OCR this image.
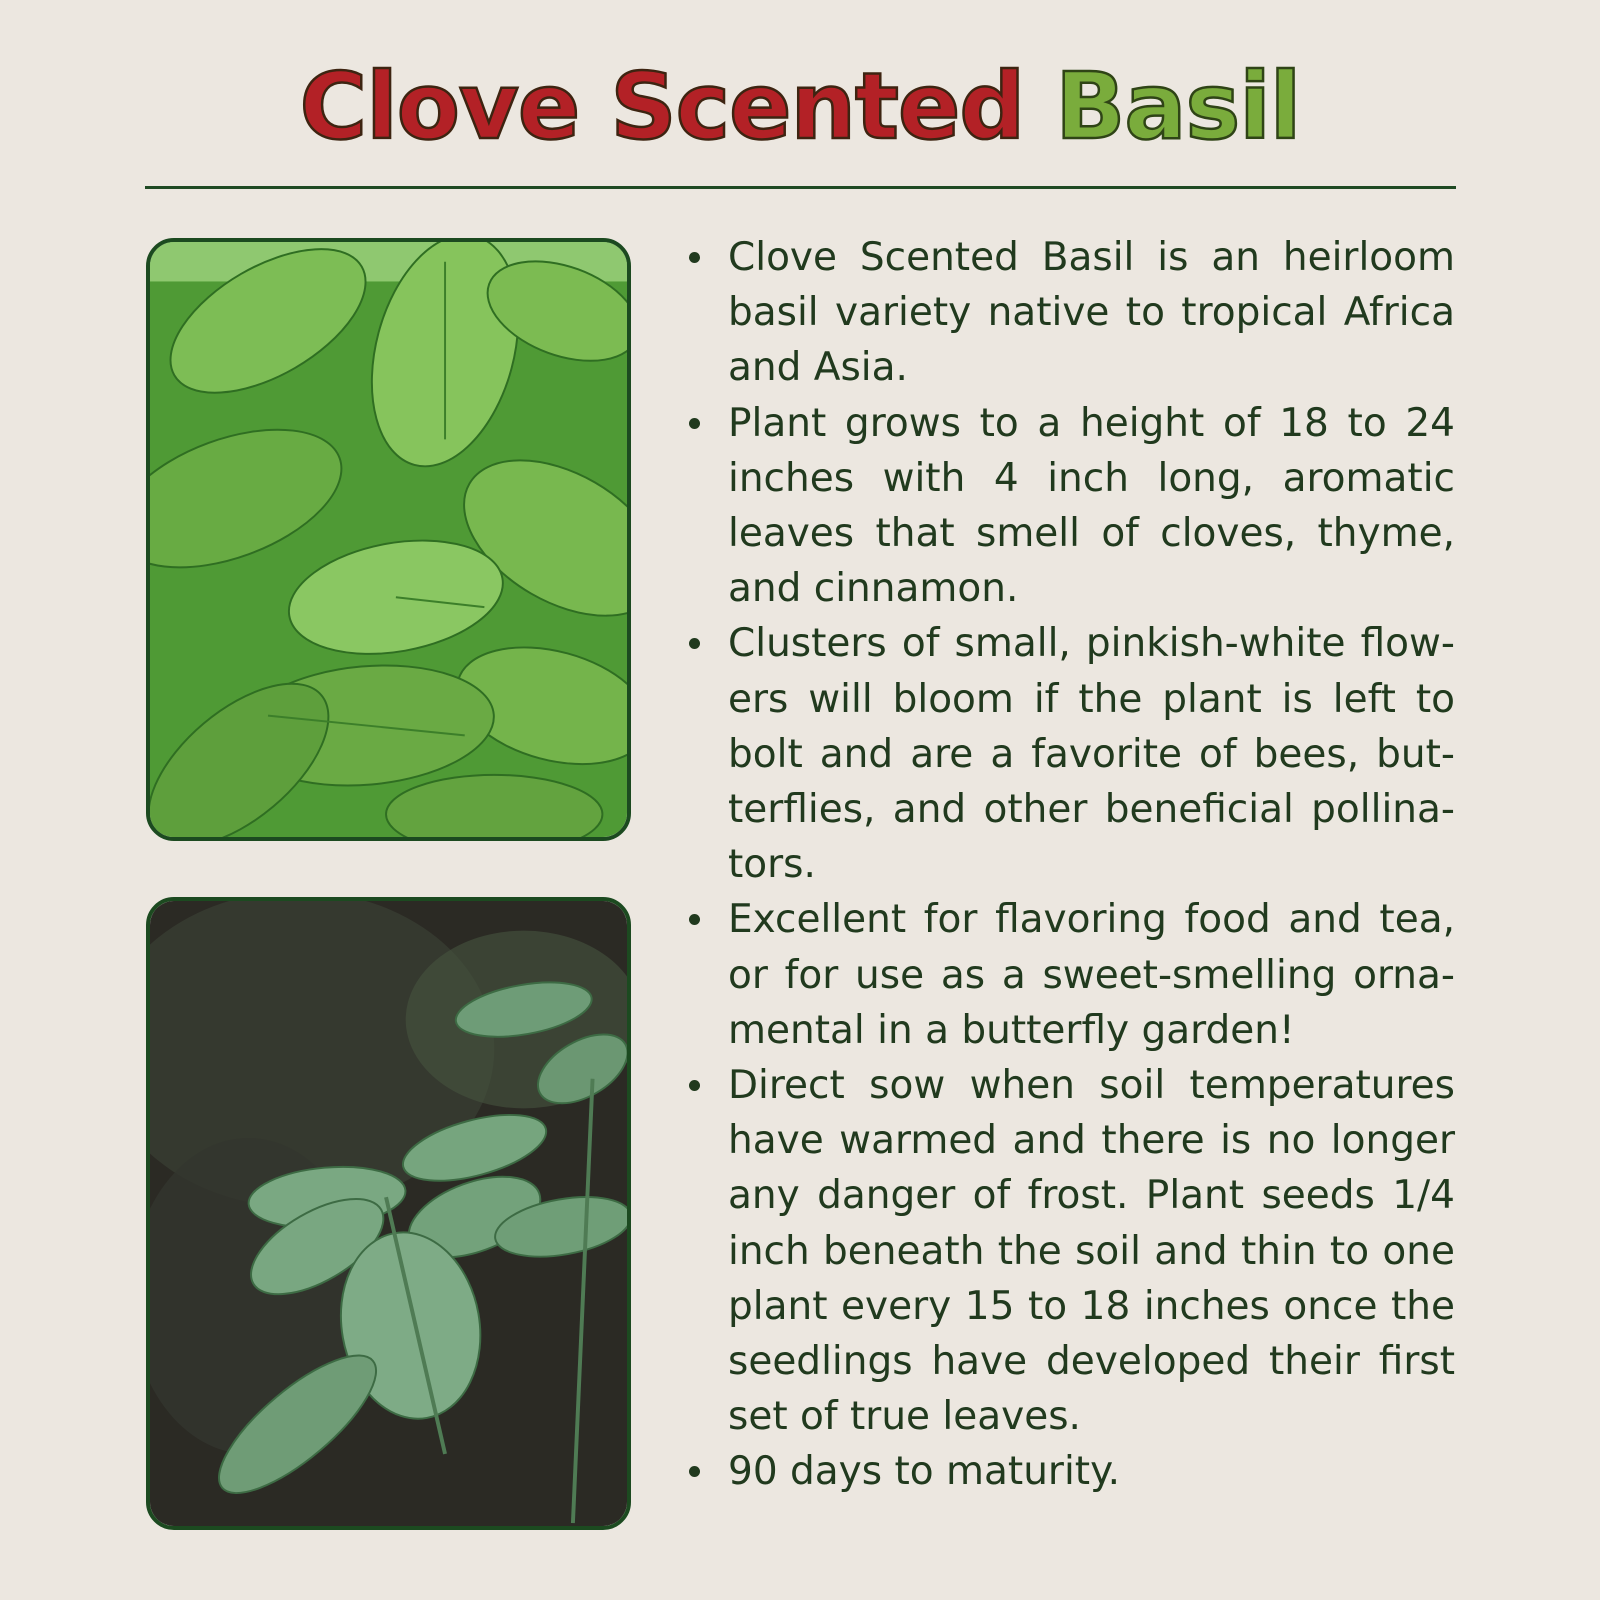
Clove Scented Basil
Clove Scented Basil is an heirloom basil variety native to tropical Africa and Asia.
Plant grows to a height of 18 to 24 inches with 4 inch long, aromatic leaves that smell of cloves, thyme, and cinnamon.
Clusters of small, pinkish-white flowers will bloom if the plant is left to bolt and are a favorite of bees, butterflies, and other beneficial pollinators.
Excellent for flavoring food and tea, or for use as a sweet-smelling ornamental in a butterfly garden!
Direct sow when soil temperatures have warmed and there is no longer any danger of frost. Plant seeds 1/4 inch beneath the soil and thin to one plant every 15 to 18 inches once the seedlings have developed their first set of true leaves.
90 days to maturity.
